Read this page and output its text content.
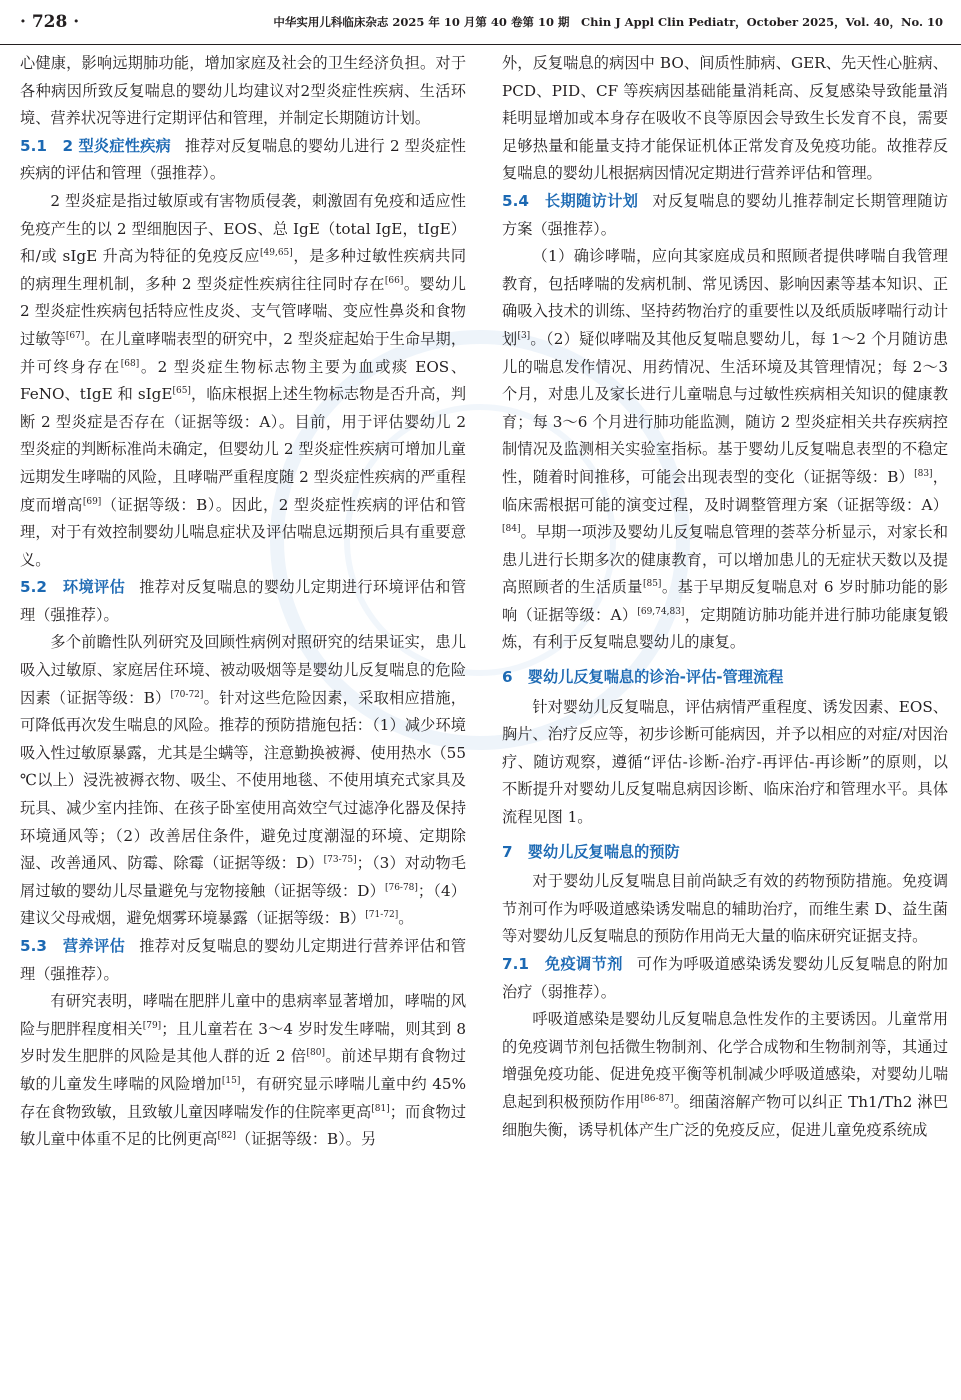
· 728 ·	中华实用儿科临床杂志 2025 年 10 月第 40 卷第 10 期　Chin J Appl Clin Pediatr，October 2025，Vol. 40，No. 10

心健康，影响远期肺功能，增加家庭及社会的卫生经济负担。对于各种病因所致反复喘息的婴幼儿均建议对2型炎症性疾病、生活环境、营养状况等进行定期评估和管理，并制定长期随访计划。

5.1　2 型炎症性疾病 推荐对反复喘息的婴幼儿进行 2 型炎症性疾病的评估和管理（强推荐）。

2 型炎症是指过敏原或有害物质侵袭，刺激固有免疫和适应性免疫产生的以 2 型细胞因子、EOS、总 IgE（total IgE，tIgE）和/或 sIgE 升高为特征的免疫反应[49,65]，是多种过敏性疾病共同的病理生理机制，多种 2 型炎症性疾病往往同时存在[66]。婴幼儿 2 型炎症性疾病包括特应性皮炎、支气管哮喘、变应性鼻炎和食物过敏等[67]。在儿童哮喘表型的研究中，2 型炎症起始于生命早期，并可终身存在[68]。2 型炎症生物标志物主要为血或痰 EOS、FeNO、tIgE 和 sIgE[65]，临床根据上述生物标志物是否升高，判断 2 型炎症是否存在（证据等级：A）。目前，用于评估婴幼儿 2 型炎症的判断标准尚未确定，但婴幼儿 2 型炎症性疾病可增加儿童远期发生哮喘的风险，且哮喘严重程度随 2 型炎症性疾病的严重程度而增高[69]（证据等级：B）。因此，2 型炎症性疾病的评估和管理，对于有效控制婴幼儿喘息症状及评估喘息远期预后具有重要意义。

5.2　环境评估 推荐对反复喘息的婴幼儿定期进行环境评估和管理（强推荐）。

多个前瞻性队列研究及回顾性病例对照研究的结果证实，患儿吸入过敏原、家庭居住环境、被动吸烟等是婴幼儿反复喘息的危险因素（证据等级：B）[70-72]。针对这些危险因素，采取相应措施，可降低再次发生喘息的风险。推荐的预防措施包括：（1）减少环境吸入性过敏原暴露，尤其是尘螨等，注意勤换被褥、使用热水（55 ℃以上）浸洗被褥衣物、吸尘、不使用地毯、不使用填充式家具及玩具、减少室内挂饰、在孩子卧室使用高效空气过滤净化器及保持环境通风等；（2）改善居住条件，避免过度潮湿的环境、定期除湿、改善通风、防霉、除霉（证据等级：D）[73-75]；（3）对动物毛屑过敏的婴幼儿尽量避免与宠物接触（证据等级：D）[76-78]；（4）建议父母戒烟，避免烟雾环境暴露（证据等级：B）[71-72]。

5.3　营养评估 推荐对反复喘息的婴幼儿定期进行营养评估和管理（强推荐）。

有研究表明，哮喘在肥胖儿童中的患病率显著增加，哮喘的风险与肥胖程度相关[79]；且儿童若在 3～4 岁时发生哮喘，则其到 8 岁时发生肥胖的风险是其他人群的近 2 倍[80]。前述早期有食物过敏的儿童发生哮喘的风险增加[15]，有研究显示哮喘儿童中约 45% 存在食物致敏，且致敏儿童因哮喘发作的住院率更高[81]；而食物过敏儿童中体重不足的比例更高[82]（证据等级：B）。另

外，反复喘息的病因中 BO、间质性肺病、GER、先天性心脏病、PCD、PID、CF 等疾病因基础能量消耗高、反复感染导致能量消耗明显增加或本身存在吸收不良等原因会导致生长发育不良，需要足够热量和能量支持才能保证机体正常发育及免疫功能。故推荐反复喘息的婴幼儿根据病因情况定期进行营养评估和管理。

5.4　长期随访计划 对反复喘息的婴幼儿推荐制定长期管理随访方案（强推荐）。

（1）确诊哮喘，应向其家庭成员和照顾者提供哮喘自我管理教育，包括哮喘的发病机制、常见诱因、影响因素等基本知识、正确吸入技术的训练、坚持药物治疗的重要性以及纸质版哮喘行动计划[3]。（2）疑似哮喘及其他反复喘息婴幼儿，每 1～2 个月随访患儿的喘息发作情况、用药情况、生活环境及其管理情况；每 2～3 个月，对患儿及家长进行儿童喘息与过敏性疾病相关知识的健康教育；每 3～6 个月进行肺功能监测，随访 2 型炎症相关共存疾病控制情况及监测相关实验室指标。基于婴幼儿反复喘息表型的不稳定性，随着时间推移，可能会出现表型的变化（证据等级：B）[83]，临床需根据可能的演变过程，及时调整管理方案（证据等级：A）[84]。早期一项涉及婴幼儿反复喘息管理的荟萃分析显示，对家长和患儿进行长期多次的健康教育，可以增加患儿的无症状天数以及提高照顾者的生活质量[85]。基于早期反复喘息对 6 岁时肺功能的影响（证据等级：A）[69,74,83]，定期随访肺功能并进行肺功能康复锻炼，有利于反复喘息婴幼儿的康复。

6　婴幼儿反复喘息的诊治-评估-管理流程

针对婴幼儿反复喘息，评估病情严重程度、诱发因素、EOS、胸片、治疗反应等，初步诊断可能病因，并予以相应的对症/对因治疗、随访观察，遵循“评估-诊断-治疗-再评估-再诊断”的原则，以不断提升对婴幼儿反复喘息病因诊断、临床治疗和管理水平。具体流程见图 1。

7　婴幼儿反复喘息的预防

对于婴幼儿反复喘息目前尚缺乏有效的药物预防措施。免疫调节剂可作为呼吸道感染诱发喘息的辅助治疗，而维生素 D、益生菌等对婴幼儿反复喘息的预防作用尚无大量的临床研究证据支持。

7.1　免疫调节剂 可作为呼吸道感染诱发婴幼儿反复喘息的附加治疗（弱推荐）。

呼吸道感染是婴幼儿反复喘息急性发作的主要诱因。儿童常用的免疫调节剂包括微生物制剂、化学合成物和生物制剂等，其通过增强免疫功能、促进免疫平衡等机制减少呼吸道感染，对婴幼儿喘息起到积极预防作用[86-87]。细菌溶解产物可以纠正 Th1/Th2 淋巴细胞失衡，诱导机体产生广泛的免疫反应，促进儿童免疫系统成
